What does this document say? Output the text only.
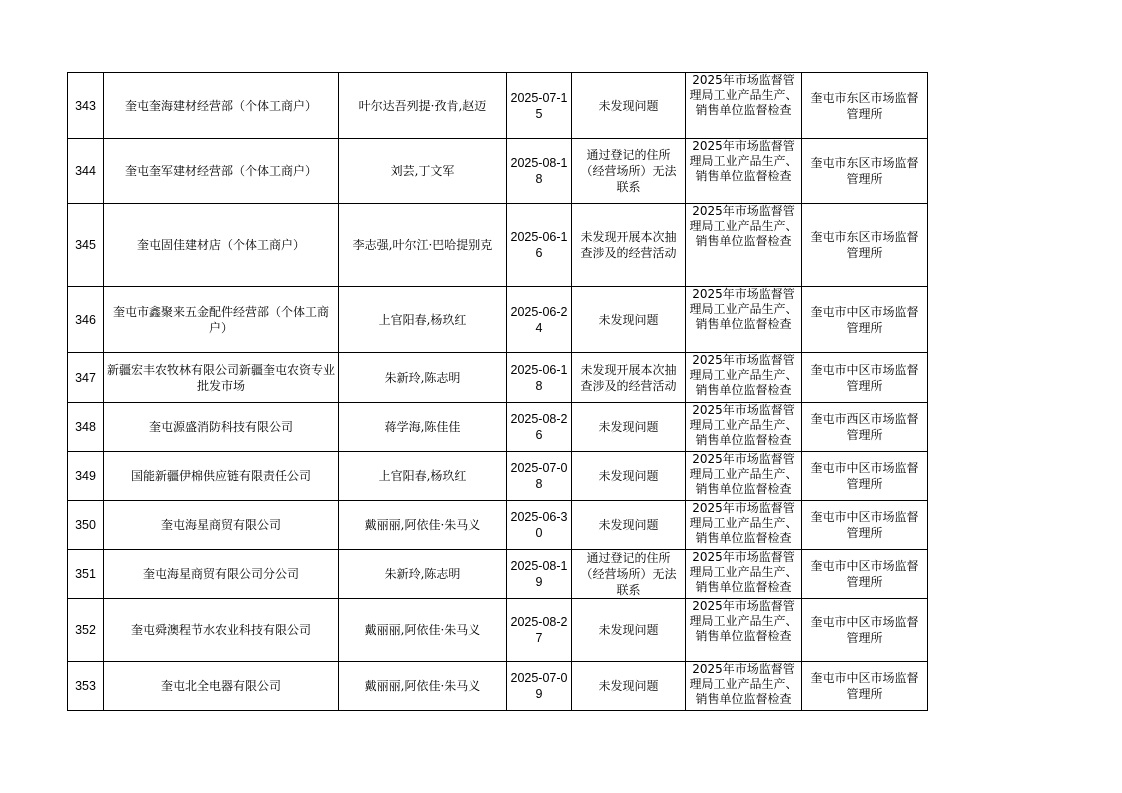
343	奎屯奎海建材经营部（个体工商户）	叶尔达吾列提·孜肯,赵迈	2025-07-15	未发现问题	2025年市场监督管理局工业产品生产、销售单位监督检查	奎屯市东区市场监督管理所
344	奎屯奎军建材经营部（个体工商户）	刘芸,丁文军	2025-08-18	通过登记的住所（经营场所）无法联系	2025年市场监督管理局工业产品生产、销售单位监督检查	奎屯市东区市场监督管理所
345	奎屯固佳建材店（个体工商户）	李志强,叶尔江·巴哈提别克	2025-06-16	未发现开展本次抽查涉及的经营活动	2025年市场监督管理局工业产品生产、销售单位监督检查	奎屯市东区市场监督管理所
346	奎屯市鑫聚来五金配件经营部（个体工商户）	上官阳春,杨玖红	2025-06-24	未发现问题	2025年市场监督管理局工业产品生产、销售单位监督检查	奎屯市中区市场监督管理所
347	新疆宏丰农牧林有限公司新疆奎屯农资专业批发市场	朱新玲,陈志明	2025-06-18	未发现开展本次抽查涉及的经营活动	2025年市场监督管理局工业产品生产、销售单位监督检查	奎屯市中区市场监督管理所
348	奎屯源盛消防科技有限公司	蒋学海,陈佳佳	2025-08-26	未发现问题	2025年市场监督管理局工业产品生产、销售单位监督检查	奎屯市西区市场监督管理所
349	国能新疆伊棉供应链有限责任公司	上官阳春,杨玖红	2025-07-08	未发现问题	2025年市场监督管理局工业产品生产、销售单位监督检查	奎屯市中区市场监督管理所
350	奎屯海星商贸有限公司	戴丽丽,阿依佳·朱马义	2025-06-30	未发现问题	2025年市场监督管理局工业产品生产、销售单位监督检查	奎屯市中区市场监督管理所
351	奎屯海星商贸有限公司分公司	朱新玲,陈志明	2025-08-19	通过登记的住所（经营场所）无法联系	2025年市场监督管理局工业产品生产、销售单位监督检查	奎屯市中区市场监督管理所
352	奎屯舜澳程节水农业科技有限公司	戴丽丽,阿依佳·朱马义	2025-08-27	未发现问题	2025年市场监督管理局工业产品生产、销售单位监督检查	奎屯市中区市场监督管理所
353	奎屯北全电器有限公司	戴丽丽,阿依佳·朱马义	2025-07-09	未发现问题	2025年市场监督管理局工业产品生产、销售单位监督检查	奎屯市中区市场监督管理所
